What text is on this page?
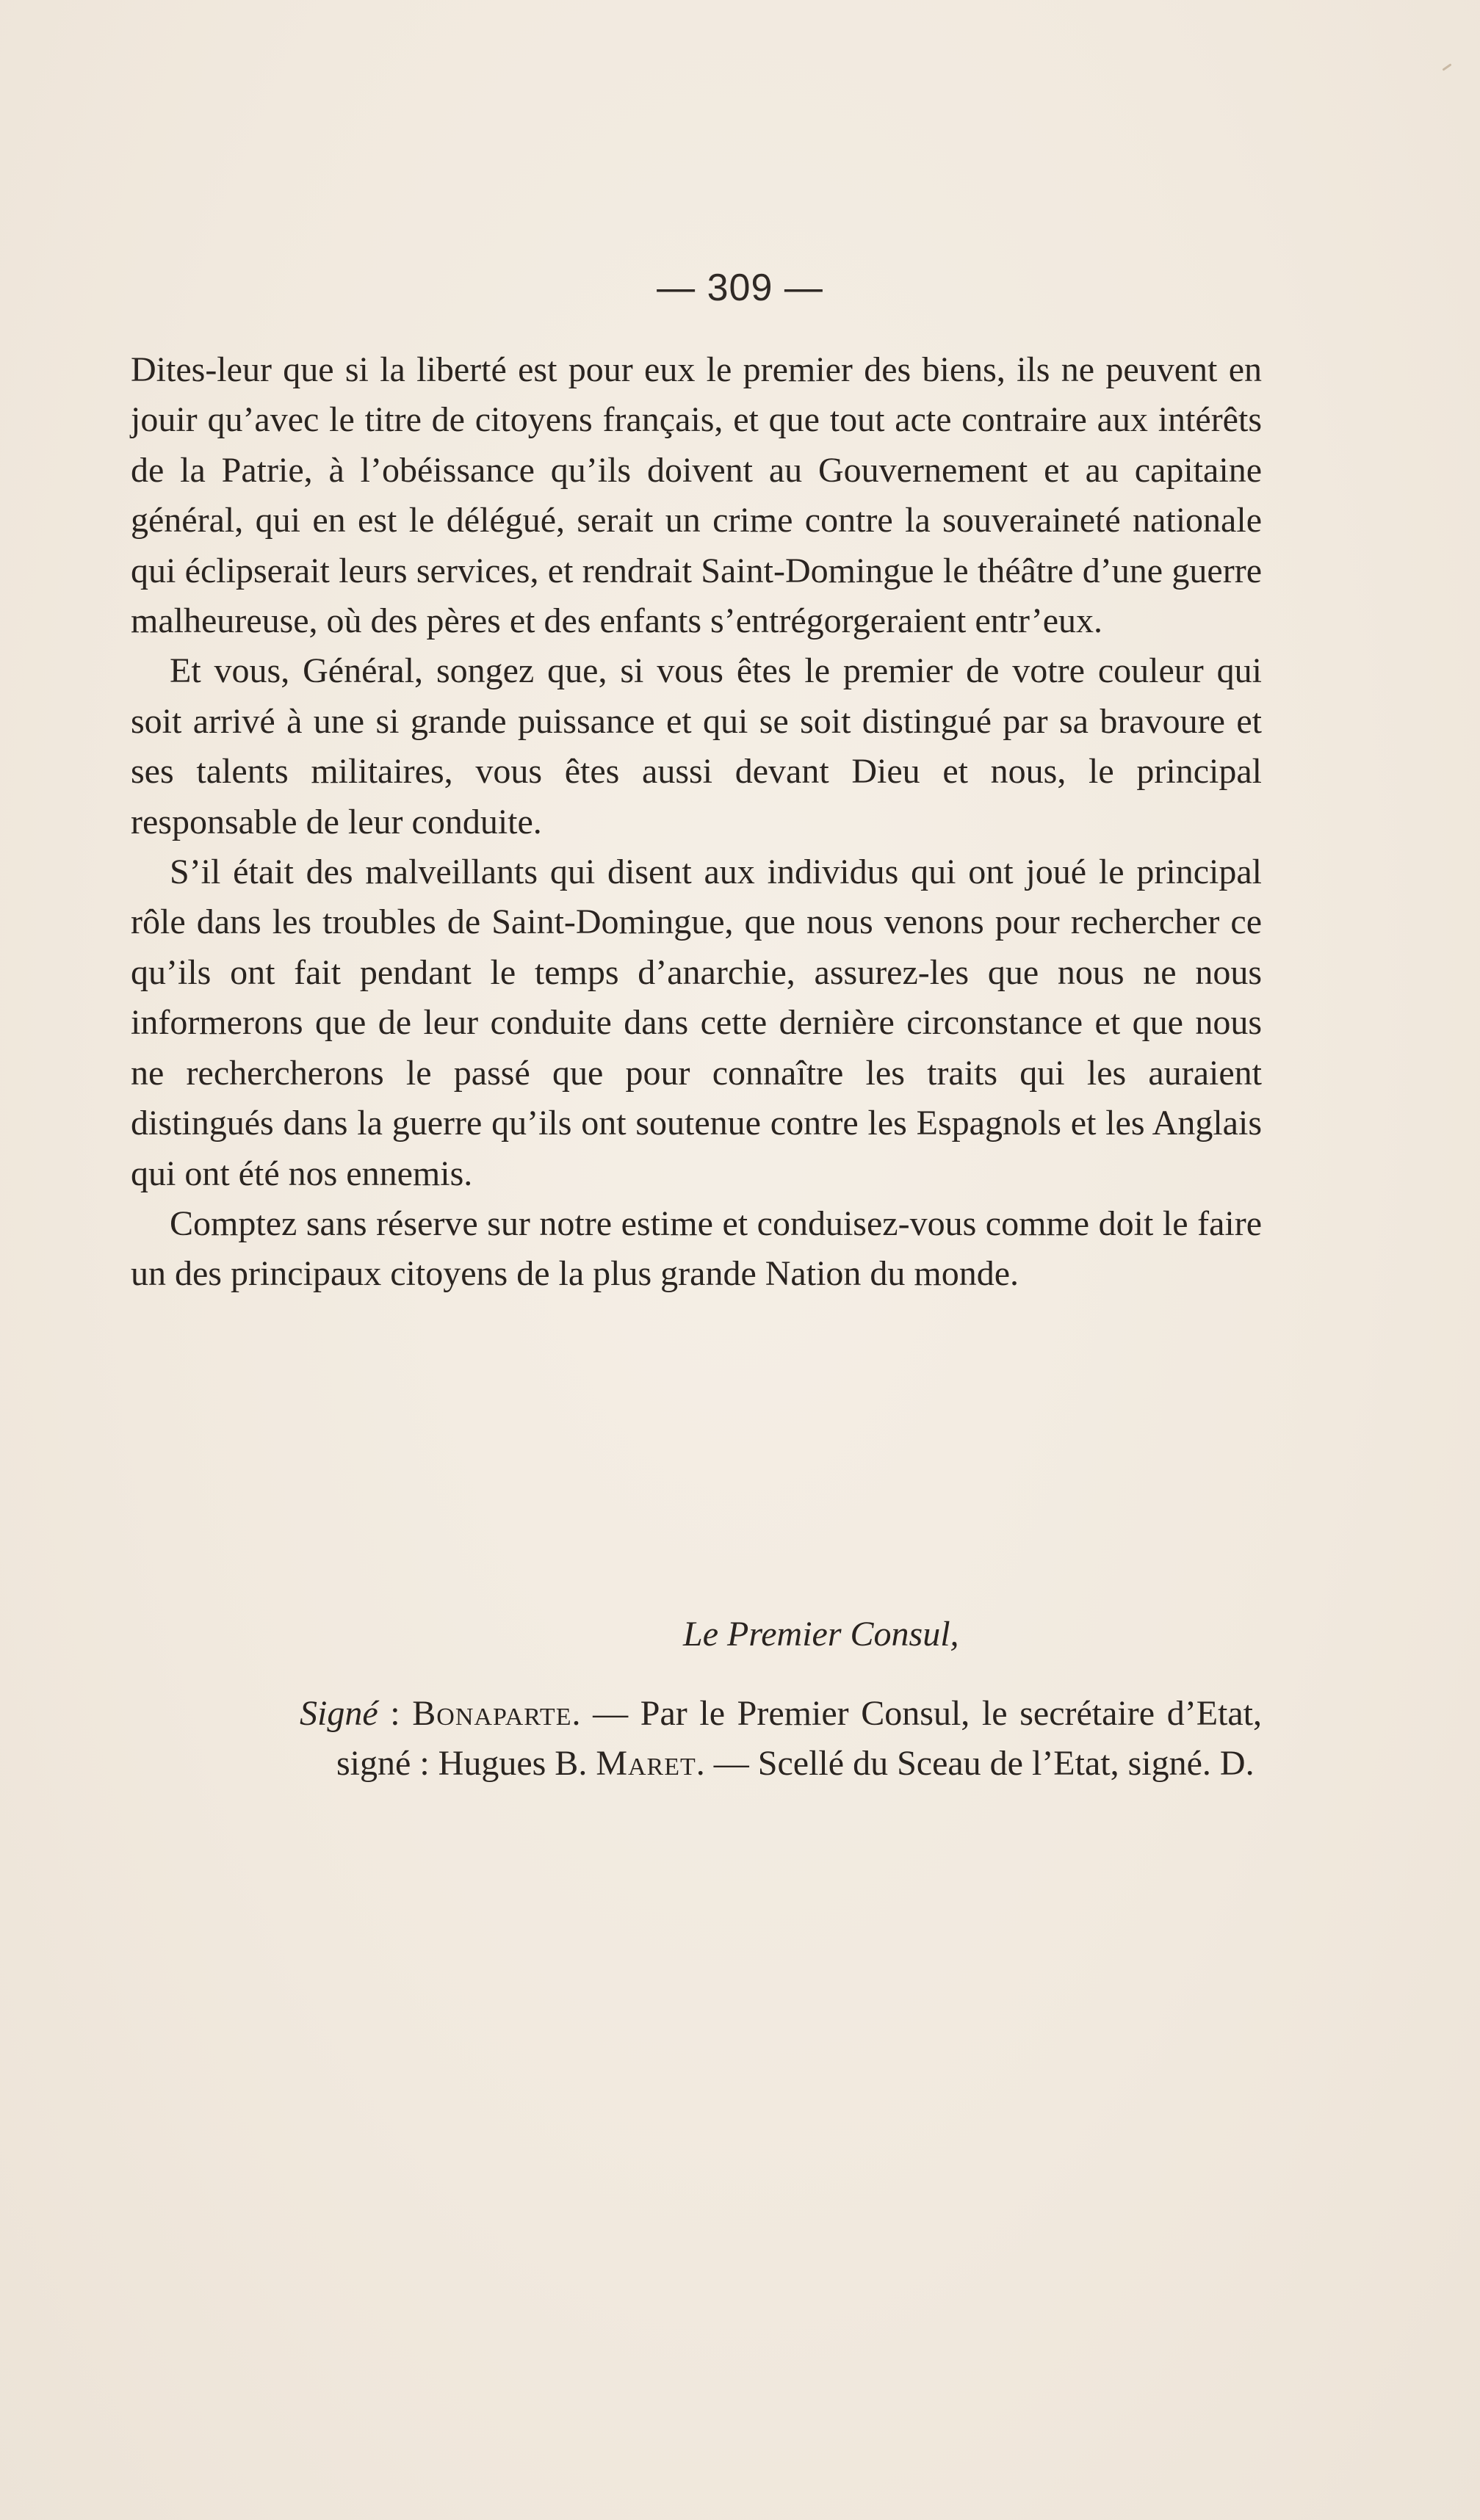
— 309 —

Dites-leur que si la liberté est pour eux le premier des biens, ils ne peuvent en jouir qu’avec le titre de citoyens français, et que tout acte contraire aux intérêts de la Patrie, à l’obéissance qu’ils doivent au Gouvernement et au capitaine général, qui en est le délégué, serait un crime contre la souveraineté nationale qui éclipserait leurs services, et rendrait Saint-Domingue le théâtre d’une guerre malheureuse, où des pères et des enfants s’entrégorgeraient entr’eux.

Et vous, Général, songez que, si vous êtes le premier de votre couleur qui soit arrivé à une si grande puissance et qui se soit distingué par sa bravoure et ses talents militaires, vous êtes aussi devant Dieu et nous, le principal responsable de leur conduite.

S’il était des malveillants qui disent aux individus qui ont joué le principal rôle dans les troubles de Saint-Domingue, que nous venons pour rechercher ce qu’ils ont fait pendant le temps d’anarchie, assurez-les que nous ne nous informerons que de leur conduite dans cette dernière circonstance et que nous ne rechercherons le passé que pour connaître les traits qui les auraient distingués dans la guerre qu’ils ont soutenue contre les Espagnols et les Anglais qui ont été nos ennemis.

Comptez sans réserve sur notre estime et conduisez-vous comme doit le faire un des principaux citoyens de la plus grande Nation du monde.

Le Premier Consul,

Signé : Bonaparte. — Par le Premier Consul, le secrétaire d’Etat, signé : Hugues B. Maret. — Scellé du Sceau de l’Etat, signé. D.
